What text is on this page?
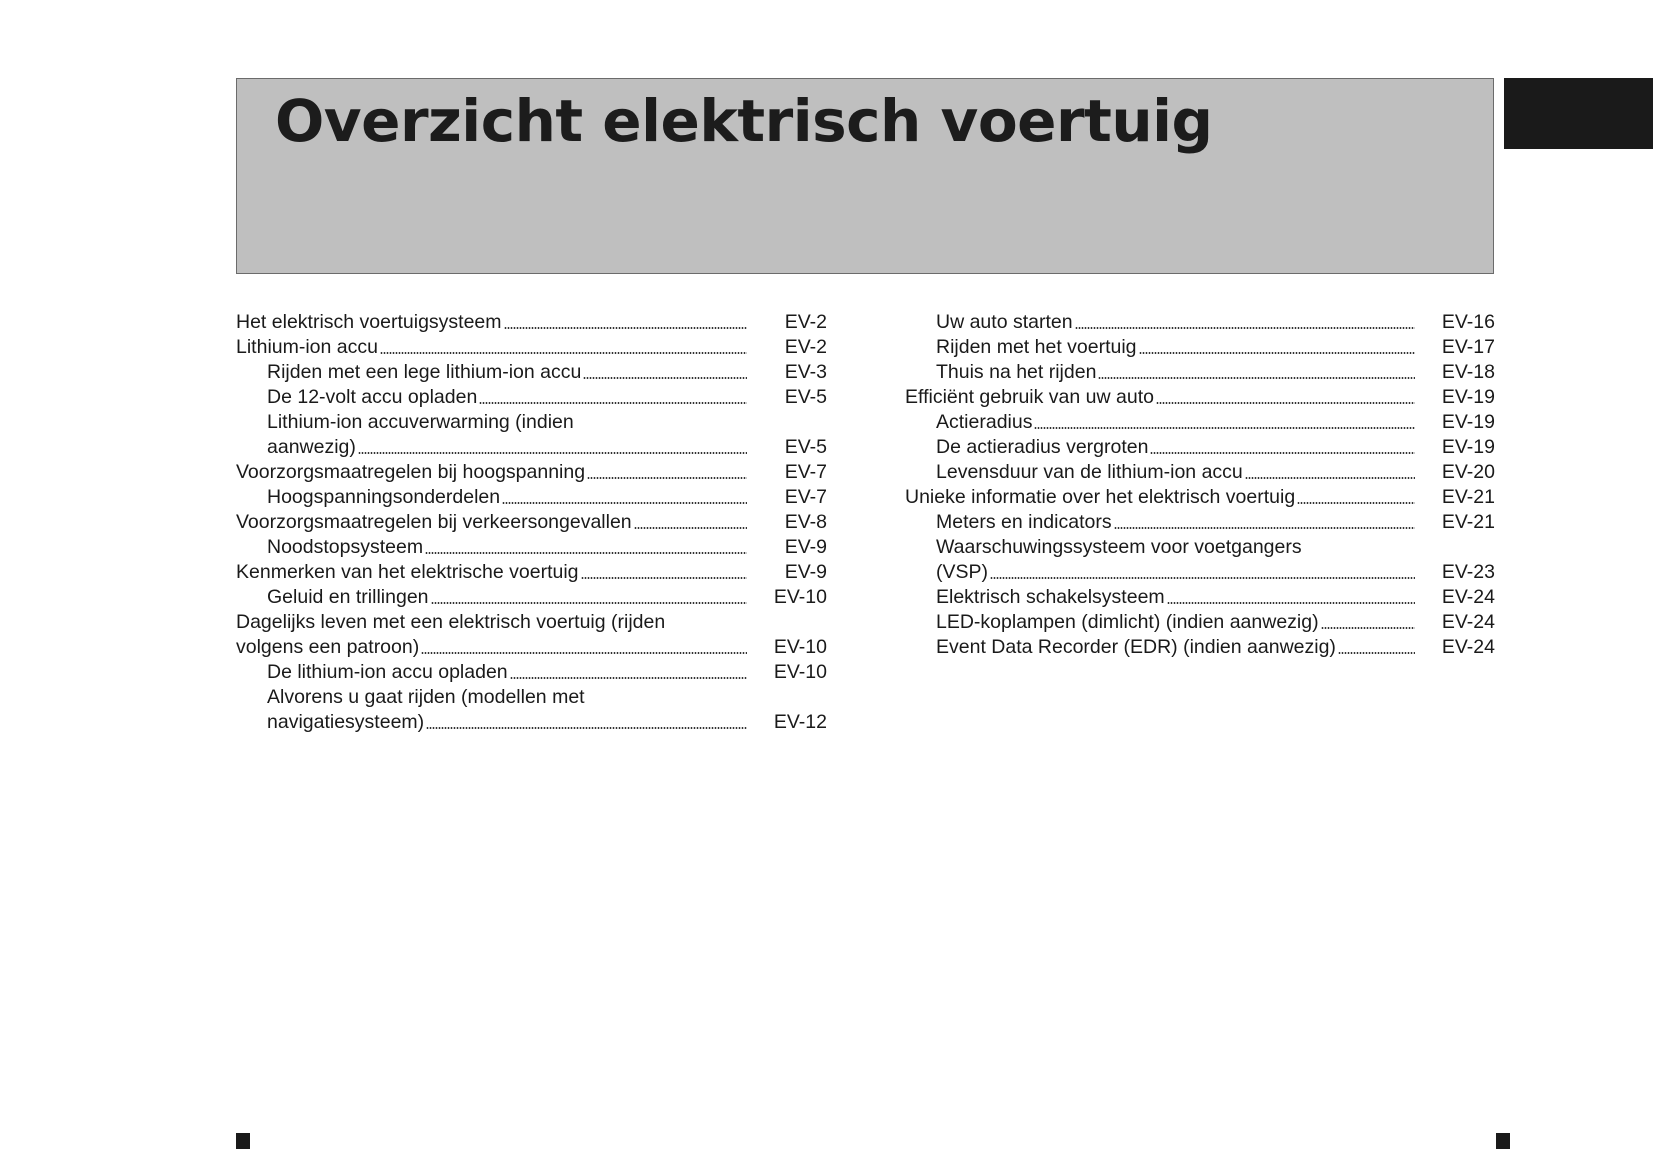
Overzicht elektrisch voertuig
Het elektrisch voertuigsysteem	EV-2
Lithium-ion accu	EV-2
Rijden met een lege lithium-ion accu	EV-3
De 12-volt accu opladen	EV-5
Lithium-ion accuverwarming (indien
aanwezig)	EV-5
Voorzorgsmaatregelen bij hoogspanning	EV-7
Hoogspanningsonderdelen	EV-7
Voorzorgsmaatregelen bij verkeersongevallen	EV-8
Noodstopsysteem	EV-9
Kenmerken van het elektrische voertuig	EV-9
Geluid en trillingen	EV-10
Dagelijks leven met een elektrisch voertuig (rijden
volgens een patroon)	EV-10
De lithium-ion accu opladen	EV-10
Alvorens u gaat rijden (modellen met
navigatiesysteem)	EV-12
Uw auto starten	EV-16
Rijden met het voertuig	EV-17
Thuis na het rijden	EV-18
Efficiënt gebruik van uw auto	EV-19
Actieradius	EV-19
De actieradius vergroten	EV-19
Levensduur van de lithium-ion accu	EV-20
Unieke informatie over het elektrisch voertuig	EV-21
Meters en indicators	EV-21
Waarschuwingssysteem voor voetgangers
(VSP)	EV-23
Elektrisch schakelsysteem	EV-24
LED-koplampen (dimlicht) (indien aanwezig)	EV-24
Event Data Recorder (EDR) (indien aanwezig)	EV-24
